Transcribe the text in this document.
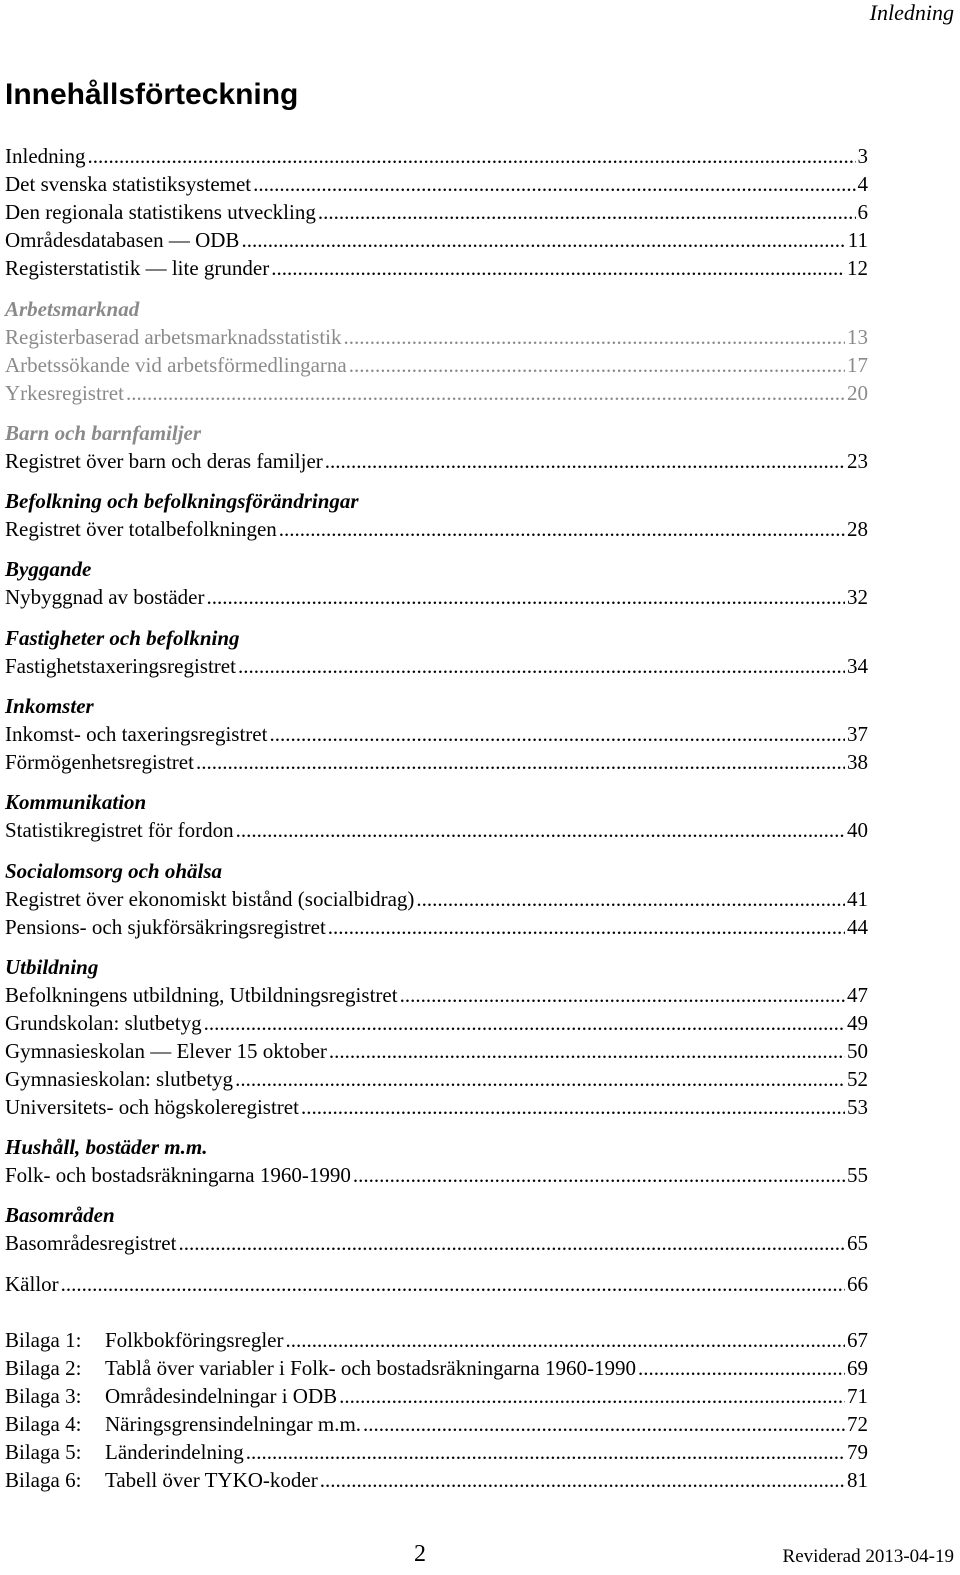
Inledning
Innehållsförteckning
Inledning .....	3
Det svenska statistiksystemet .....	4
Den regionala statistikens utveckling .....	6
Områdesdatabasen — ODB .....	11
Registerstatistik — lite grunder .....	12
Arbetsmarknad
Registerbaserad arbetsmarknadsstatistik .....	13
Arbetssökande vid arbetsförmedlingarna .....	17
Yrkesregistret .....	20
Barn och barnfamiljer
Registret över barn och deras familjer .....	23
Befolkning och befolkningsförändringar
Registret över totalbefolkningen .....	28
Byggande
Nybyggnad av bostäder .....	32
Fastigheter och befolkning
Fastighetstaxeringsregistret .....	34
Inkomster
Inkomst- och taxeringsregistret .....	37
Förmögenhetsregistret .....	38
Kommunikation
Statistikregistret för fordon .....	40
Socialomsorg och ohälsa
Registret över ekonomiskt bistånd (socialbidrag) .....	41
Pensions- och sjukförsäkringsregistret .....	44
Utbildning
Befolkningens utbildning, Utbildningsregistret .....	47
Grundskolan: slutbetyg .....	49
Gymnasieskolan — Elever 15 oktober .....	50
Gymnasieskolan: slutbetyg .....	52
Universitets- och högskoleregistret .....	53
Hushåll, bostäder m.m.
Folk- och bostadsräkningarna 1960-1990 .....	55
Basområden
Basområdesregistret .....	65
Källor .....	66
Bilaga 1: Folkbokföringsregler .....	67
Bilaga 2: Tablå över variabler i Folk- och bostadsräkningarna 1960-1990 .....	69
Bilaga 3: Områdesindelningar i ODB .....	71
Bilaga 4: Näringsgrensindelningar m.m. .....	72
Bilaga 5: Länderindelning .....	79
Bilaga 6: Tabell över TYKO-koder .....	81
2	Reviderad 2013-04-19
